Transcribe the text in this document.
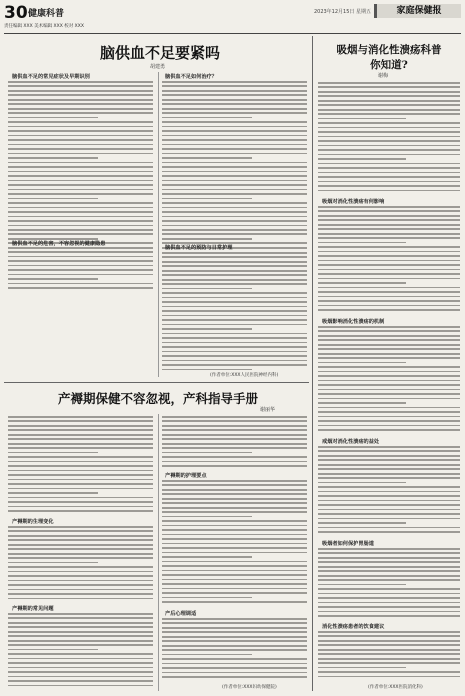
30 健康科普	2023年12月15日 星期五	家庭保健报
责任编辑 XXX 美术编辑 XXX 校对 XXX
脑供血不足要紧吗
胡建勇
脑供血不足的常见症状及早期识别
脑供血不足的危害，不容忽视的健康隐患
脑供血不足如何治疗？
脑供血不足的预防与日常护理
(作者单位:XXX人民医院神经内科)
吸烟与消化性溃疡科普
你知道?
谢梅
吸烟对消化性溃疡有何影响
吸烟影响消化性溃疡的机制
戒烟对消化性溃疡的益处
吸烟者如何保护胃肠道
消化性溃疡患者的饮食建议
(作者单位:XXX医院消化科)
产褥期保健不容忽视，产科指导手册
谢丽华
产褥期的生理变化
产褥期的常见问题
产褥期的护理要点
产后心理调适
(作者单位:XXX妇幼保健院)
